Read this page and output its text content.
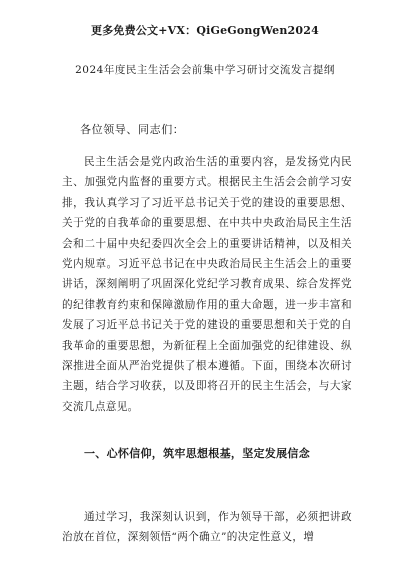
更多免费公文+VX：QiGeGongWen2024
2024年度民主生活会会前集中学习研讨交流发言提纲
各位领导、同志们：

民主生活会是党内政治生活的重要内容，是发扬党内民主、加强党内监督的重要方式。根据民主生活会会前学习安排，我认真学习了习近平总书记关于党的建设的重要思想、关于党的自我革命的重要思想、在中共中央政治局民主生活会和二十届中央纪委四次全会上的重要讲话精神，以及相关党内规章。习近平总书记在中央政治局民主生活会上的重要讲话，深刻阐明了巩固深化党纪学习教育成果、综合发挥党的纪律教育约束和保障激励作用的重大命题，进一步丰富和发展了习近平总书记关于党的建设的重要思想和关于党的自我革命的重要思想，为新征程上全面加强党的纪律建设、纵深推进全面从严治党提供了根本遵循。下面，围绕本次研讨主题，结合学习收获，以及即将召开的民主生活会，与大家交流几点意见。

一、心怀信仰，筑牢思想根基，坚定发展信念

通过学习，我深刻认识到，作为领导干部，必须把讲政治放在首位，深刻领悟“两个确立”的决定性意义，增
